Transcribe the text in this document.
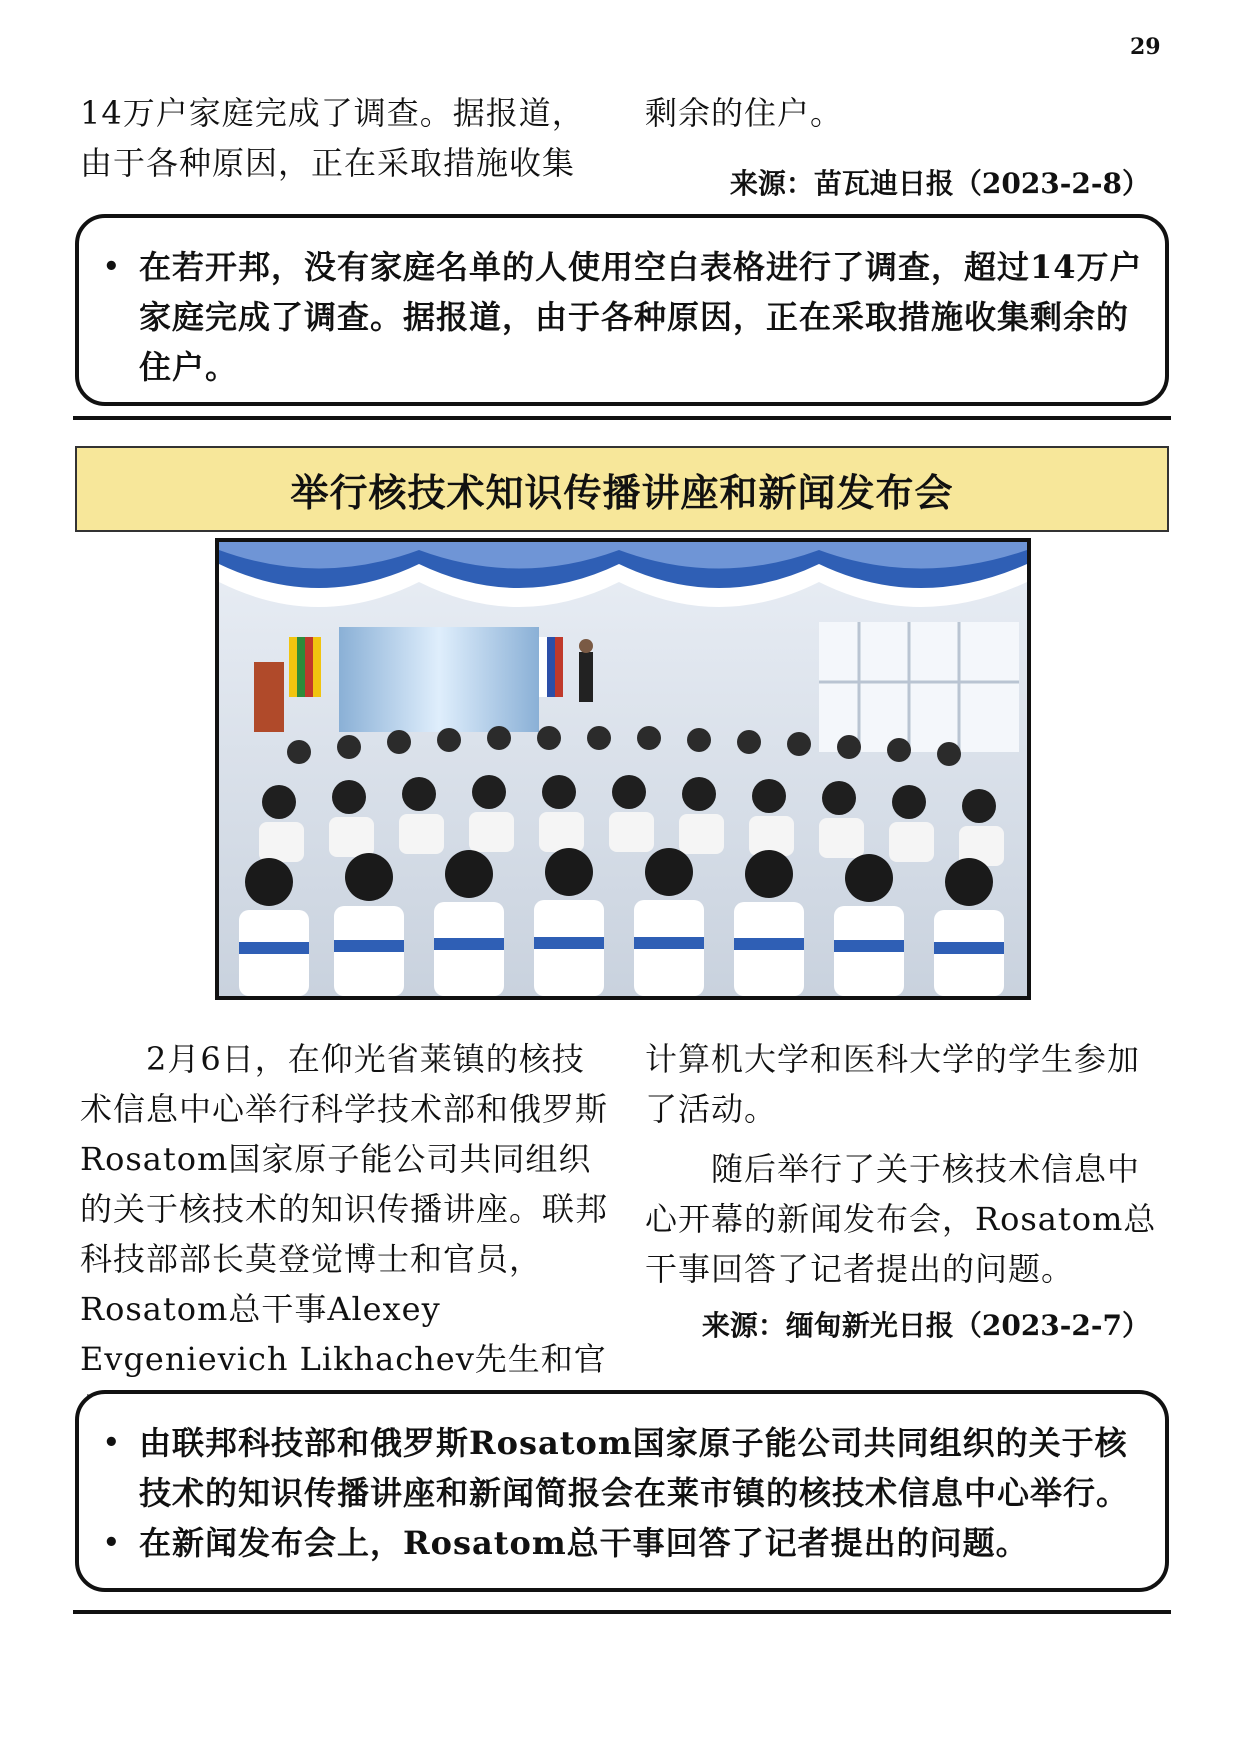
29

14万户家庭完成了调查。据报道，由于各种原因，正在采取措施收集

剩余的住户。

来源：苗瓦迪日报（2023-2-8）
• 在若开邦，没有家庭名单的人使用空白表格进行了调查，超过14万户家庭完成了调查。据报道，由于各种原因，正在采取措施收集剩余的住户。
举行核技术知识传播讲座和新闻发布会

　　2月6日，在仰光省莱镇的核技术信息中心举行科学技术部和俄罗斯Rosatom国家原子能公司共同组织的关于核技术的知识传播讲座。联邦科技部部长莫登觉博士和官员，Rosatom总干事Alexey Evgenievich Likhachev先生和官

计算机大学和医科大学的学生参加了活动。

　　随后举行了关于核技术信息中心开幕的新闻发布会，Rosatom总干事回答了记者提出的问题。

来源：缅甸新光日报（2023-2-7）
• 由联邦科技部和俄罗斯Rosatom国家原子能公司共同组织的关于核技术的知识传播讲座和新闻简报会在莱市镇的核技术信息中心举行。
• 在新闻发布会上，Rosatom总干事回答了记者提出的问题。
